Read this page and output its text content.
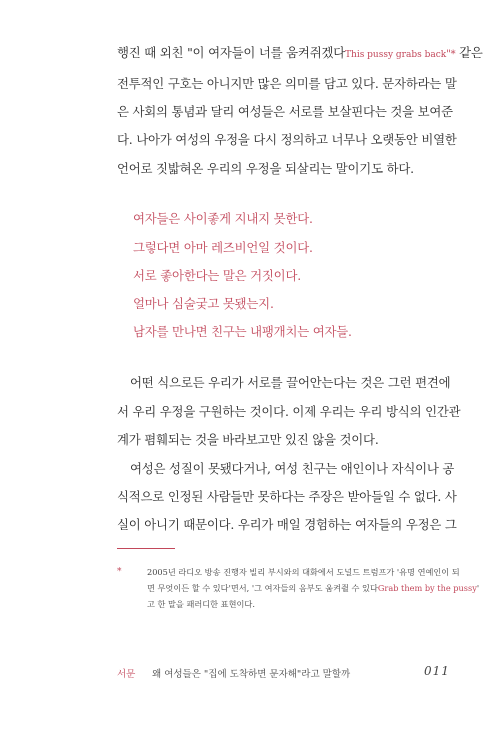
행진 때 외친 "이 여자들이 너를 움켜쥐겠다This pussy grabs back"* 같은
전투적인 구호는 아니지만 많은 의미를 담고 있다. 문자하라는 말
은 사회의 통념과 달리 여성들은 서로를 보살핀다는 것을 보여준
다. 나아가 여성의 우정을 다시 정의하고 너무나 오랫동안 비열한
언어로 짓밟혀온 우리의 우정을 되살리는 말이기도 하다.
여자들은 사이좋게 지내지 못한다.
그렇다면 아마 레즈비언일 것이다.
서로 좋아한다는 말은 거짓이다.
얼마나 심술궂고 못됐는지.
남자를 만나면 친구는 내팽개치는 여자들.
어떤 식으로든 우리가 서로를 끌어안는다는 것은 그런 편견에
서 우리 우정을 구원하는 것이다. 이제 우리는 우리 방식의 인간관
계가 폄훼되는 것을 바라보고만 있진 않을 것이다.
여성은 성질이 못됐다거나, 여성 친구는 애인이나 자식이나 공
식적으로 인정된 사람들만 못하다는 주장은 받아들일 수 없다. 사
실이 아니기 때문이다. 우리가 매일 경험하는 여자들의 우정은 그
*	2005년 라디오 방송 진행자 빌리 부시와의 대화에서 도널드 트럼프가 '유명 연예인이 되
면 무엇이든 할 수 있다'면서, '그 여자들의 음부도 움켜쥘 수 있다Grab them by the pussy'
고 한 말을 패러디한 표현이다.
서문 왜 여성들은 "집에 도착하면 문자해"라고 말할까	011
